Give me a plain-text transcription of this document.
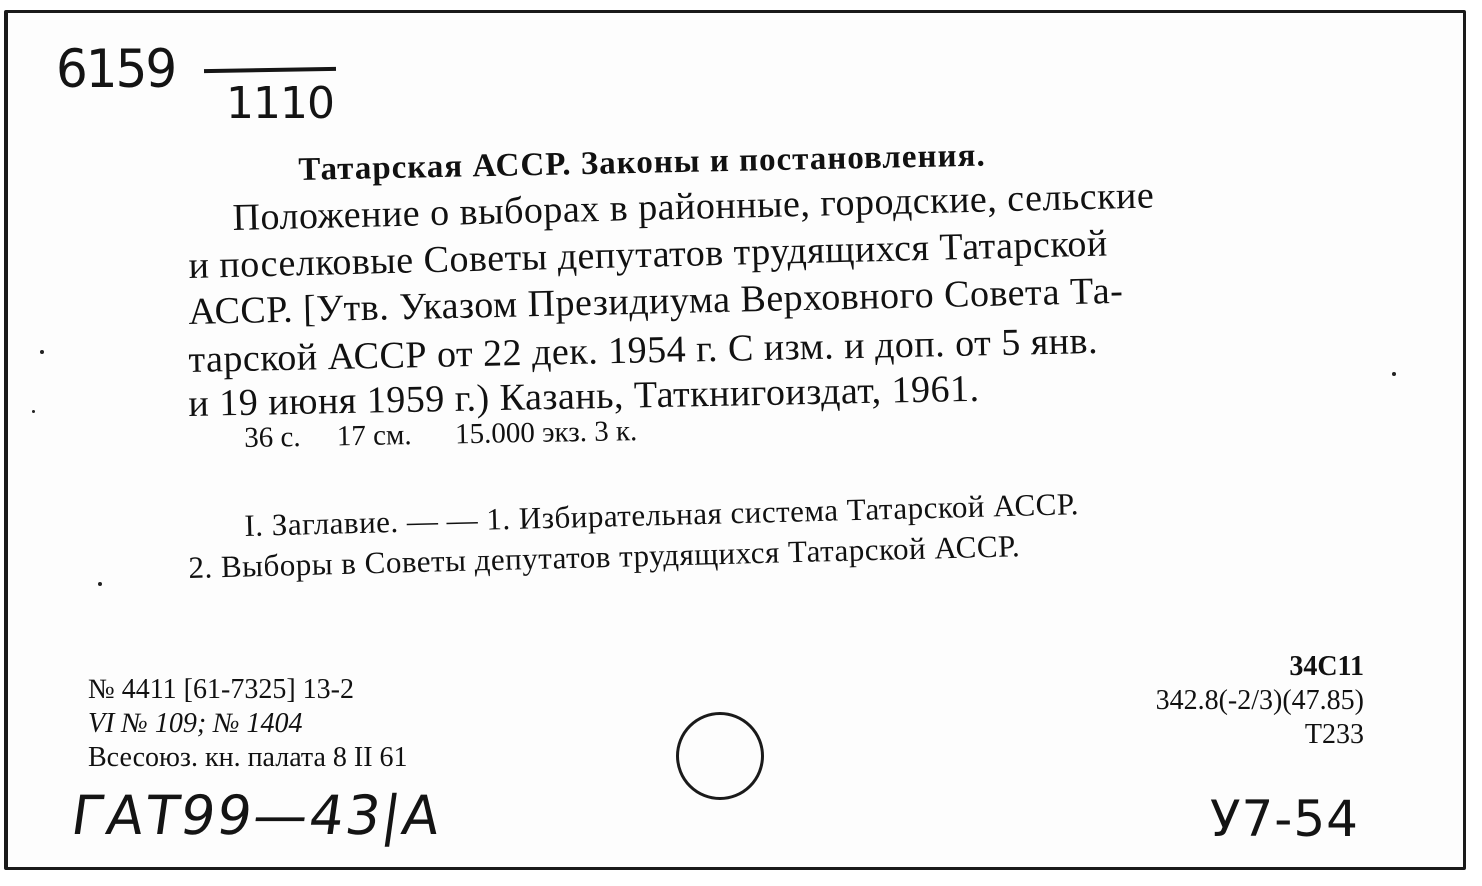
6159
1110
Татарская АССР. Законы и постановления.
Положение о выборах в районные, городские, сельские
и поселковые Советы депутатов трудящихся Татарской
АССР. [Утв. Указом Президиума Верховного Совета Та-
тарской АССР от 22 дек. 1954 г. С изм. и доп. от 5 янв.
и 19 июня 1959 г.) Казань, Таткнигоиздат, 1961.
36 с.     17 см.      15.000 экз. 3 к.
I. Заглавие. — — 1. Избирательная система Татарской АССР.
2. Выборы в Советы депутатов трудящихся Татарской АССР.
№ 4411 [61-7325] 13-2
VI № 109; № 1404
Всесоюз. кн. палата 8 II 61
34С11
342.8(-2/3)(47.85)
Т233
ГАТ99—43|А	У7-54
